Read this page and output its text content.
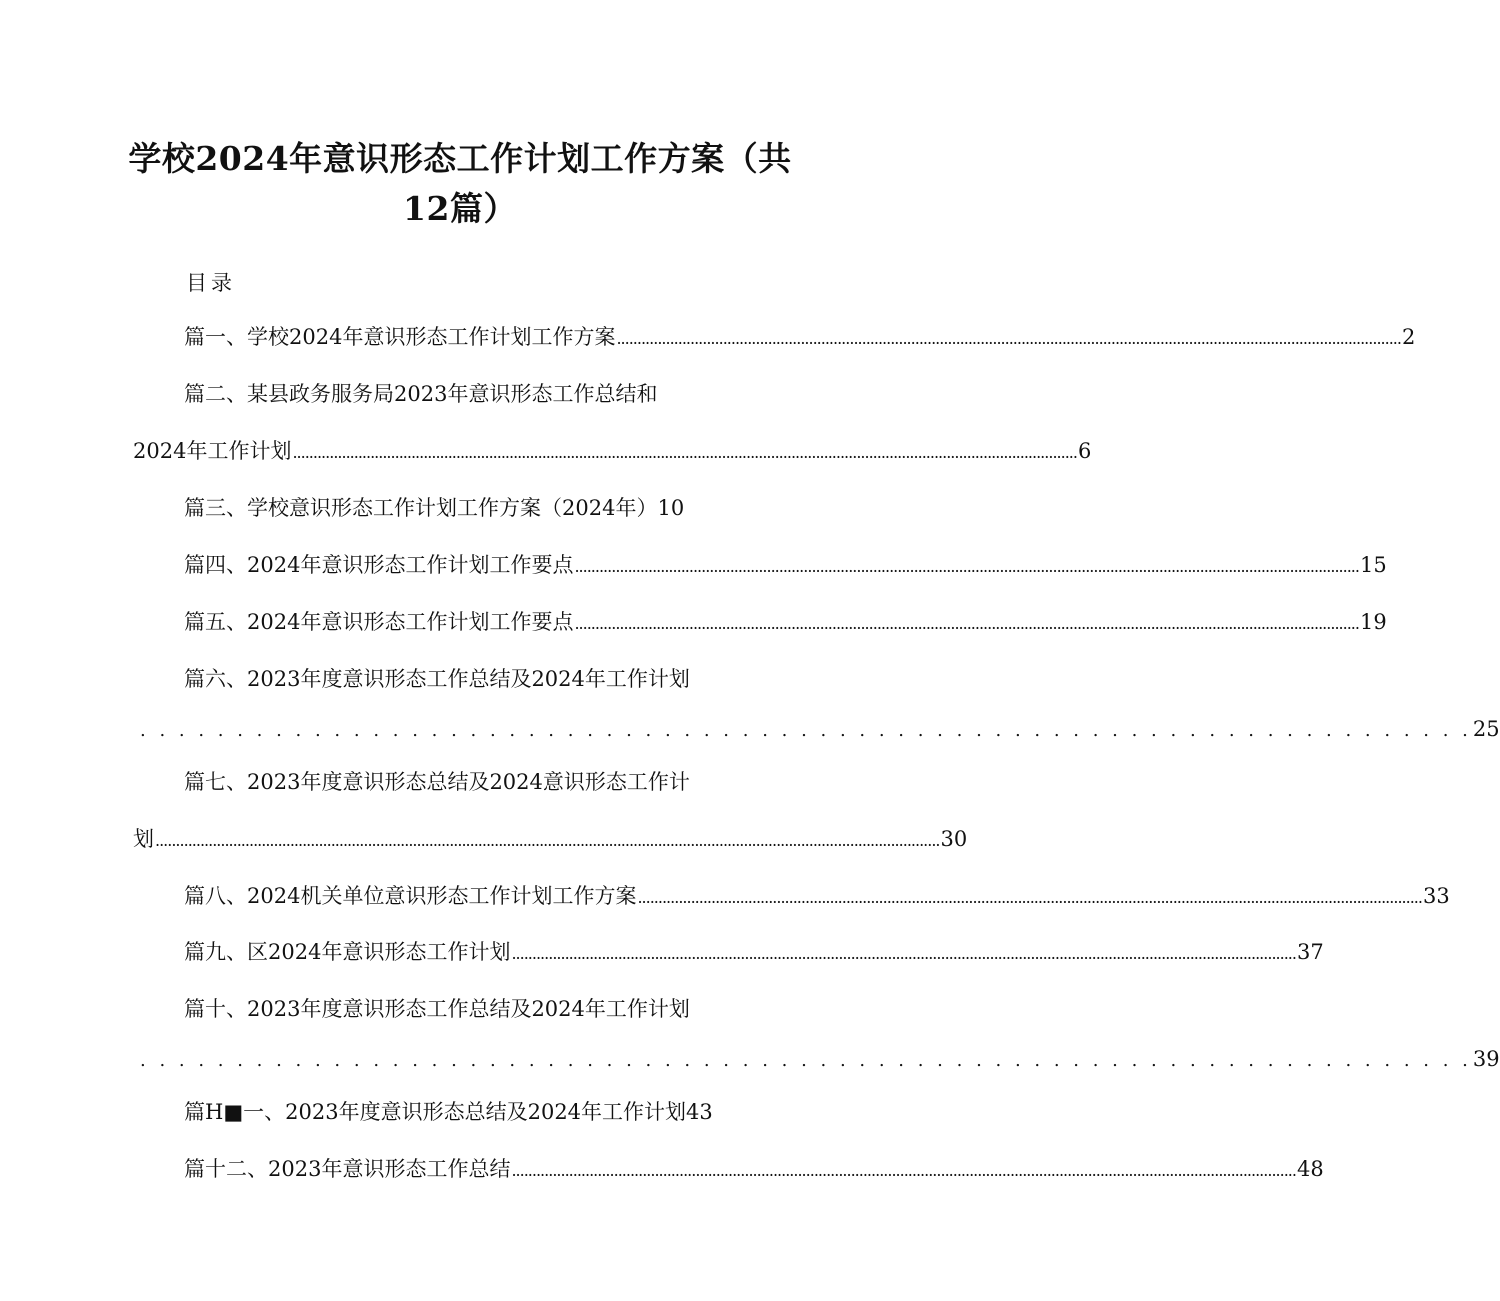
学校2024年意识形态工作计划工作方案（共
12篇）
目录
篇一、学校2024年意识形态工作计划工作方案 ................................................................................................................................................................................................ 2
篇二、某县政务服务局2023年意识形态工作总结和
2024年工作计划 ................................................................................................................................................................................................ 6
篇三、学校意识形态工作计划工作方案（2024年） 10
篇四、2024年意识形态工作计划工作要点 ................................................................................................................................................................................................ 15
篇五、2024年意识形态工作计划工作要点 ................................................................................................................................................................................................ 19
篇六、2023年度意识形态工作总结及2024年工作计划
. . . . . . . . . . . . . . . . . . . . . . . . . . . . . . . . . . . . . . . . . . . . . . . . . . . . . . . . . . . . . . . . . . . . . 25
篇七、2023年度意识形态总结及2024意识形态工作计
划 ................................................................................................................................................................................................ 30
篇八、2024机关单位意识形态工作计划工作方案 ................................................................................................................................................................................................ 33
篇九、区2024年意识形态工作计划 ................................................................................................................................................................................................ 37
篇十、2023年度意识形态工作总结及2024年工作计划
. . . . . . . . . . . . . . . . . . . . . . . . . . . . . . . . . . . . . . . . . . . . . . . . . . . . . . . . . . . . . . . . . . . . . 39
篇H■一、2023年度意识形态总结及2024年工作计划 43
篇十二、2023年意识形态工作总结 ................................................................................................................................................................................................ 48
